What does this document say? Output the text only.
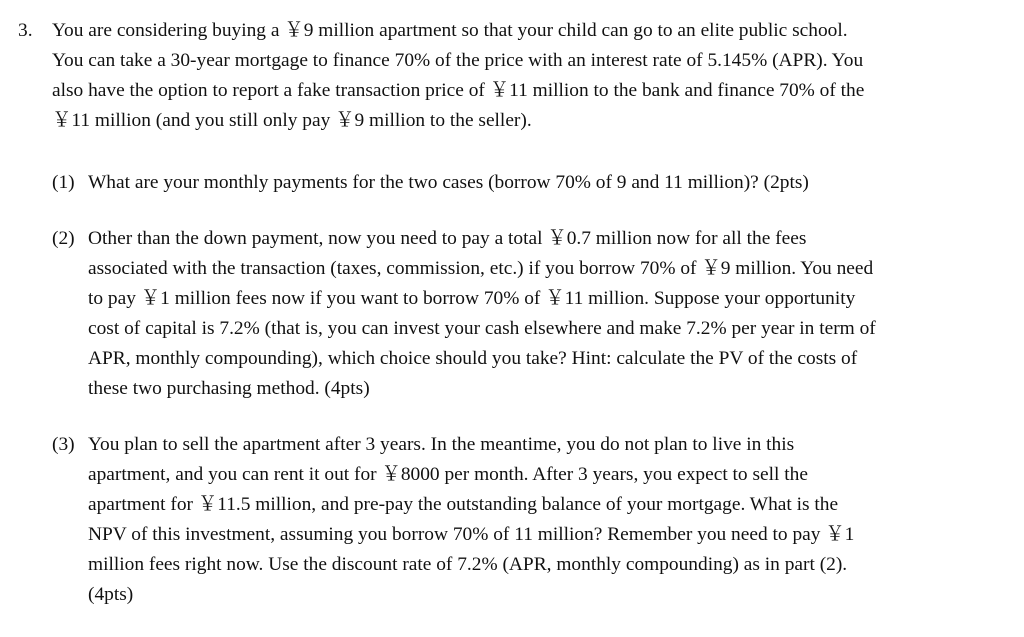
3. You are considering buying a ￥9 million apartment so that your child can go to an elite public school.
You can take a 30-year mortgage to finance 70% of the price with an interest rate of 5.145% (APR). You
also have the option to report a fake transaction price of ￥11 million to the bank and finance 70% of the
￥11 million (and you still only pay ￥9 million to the seller).
(1) What are your monthly payments for the two cases (borrow 70% of 9 and 11 million)? (2pts)
(2) Other than the down payment, now you need to pay a total ￥0.7 million now for all the fees
associated with the transaction (taxes, commission, etc.) if you borrow 70% of ￥9 million. You need
to pay ￥1 million fees now if you want to borrow 70% of ￥11 million. Suppose your opportunity
cost of capital is 7.2% (that is, you can invest your cash elsewhere and make 7.2% per year in term of
APR, monthly compounding), which choice should you take? Hint: calculate the PV of the costs of
these two purchasing method. (4pts)
(3) You plan to sell the apartment after 3 years. In the meantime, you do not plan to live in this
apartment, and you can rent it out for ￥8000 per month. After 3 years, you expect to sell the
apartment for ￥11.5 million, and pre-pay the outstanding balance of your mortgage. What is the
NPV of this investment, assuming you borrow 70% of 11 million? Remember you need to pay ￥1
million fees right now. Use the discount rate of 7.2% (APR, monthly compounding) as in part (2).
(4pts)
